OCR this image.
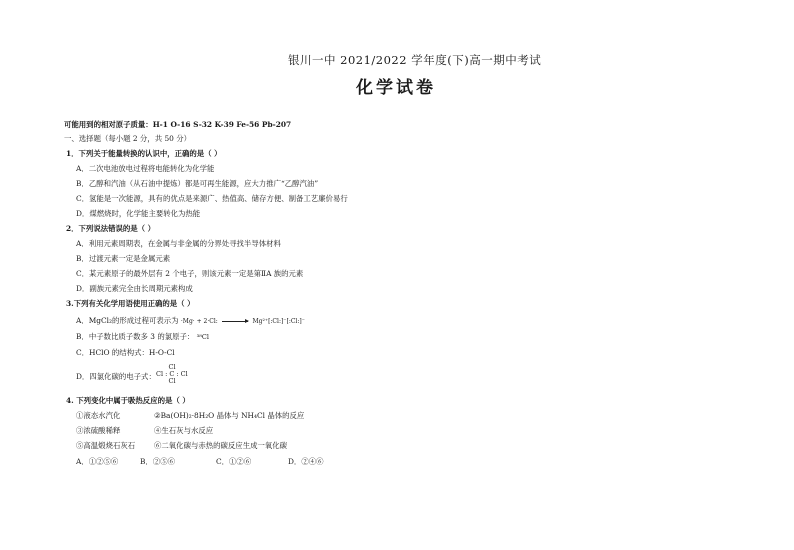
银川一中 2021/2022 学年度(下)高一期中考试
化学试卷
可能用到的相对原子质量：H-1 O-16 S-32 K-39 Fe-56 Pb-207
一、选择题（每小题 2 分，共 50 分）
1．下列关于能量转换的认识中，正确的是（ ）
A．二次电池放电过程将电能转化为化学能
B．乙醇和汽油（从石油中提炼）都是可再生能源，应大力推广“乙醇汽油”
C．氢能是一次能源，具有的优点是来源广、热值高、储存方便、制备工艺廉价易行
D．煤燃烧时，化学能主要转化为热能
2．下列说法错误的是（ ）
A．利用元素周期表，在金属与非金属的分界处寻找半导体材料
B．过渡元素一定是金属元素
C．某元素原子的最外层有 2 个电子，则该元素一定是第ⅡA 族的元素
D．副族元素完全由长周期元素构成
3.下列有关化学用语使用正确的是（ ）
A．MgCl₂的形成过程可表示为 ·Mg· + 2·Cl: → Mg²⁺[:Cl:]⁻[:Cl:]⁻
B．中子数比质子数多 3 的氯原子： ³⁸Cl
C．HClO 的结构式：H-O-Cl
D．四氯化碳的电子式：
Cl
Cl : C : Cl
Cl
4. 下列变化中属于吸热反应的是（ ）
①液态水汽化	②Ba(OH)₂·8H₂O 晶体与 NH₄Cl 晶体的反应
③浓硫酸稀释	④生石灰与水反应
⑤高温煅烧石灰石	⑥二氧化碳与赤热的碳反应生成一氧化碳
A．①②⑤⑥	B．②⑤⑥	C．①②⑥	D．②④⑥
